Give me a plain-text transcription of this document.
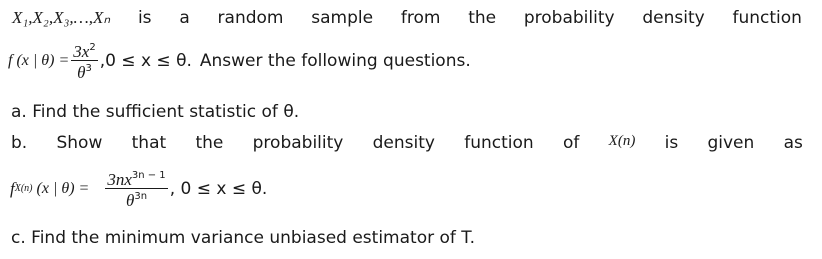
X₁,X₂,X₃,…,Xₙ is a random sample from the probability density function
f (x | $\theta) = \frac{3x^2}{\theta^3} ,0 \le x \le \theta$. Answer the following questions.
a. Find the sufficient statistic of θ.
b. Show that the probability density function of X(n) is given as
f X(n) (x | $\theta) = \frac{3nx^{3n - 1}}{\theta^{3n}}$ , 0 ≤ x ≤ θ.
c. Find the minimum variance unbiased estimator of T.
